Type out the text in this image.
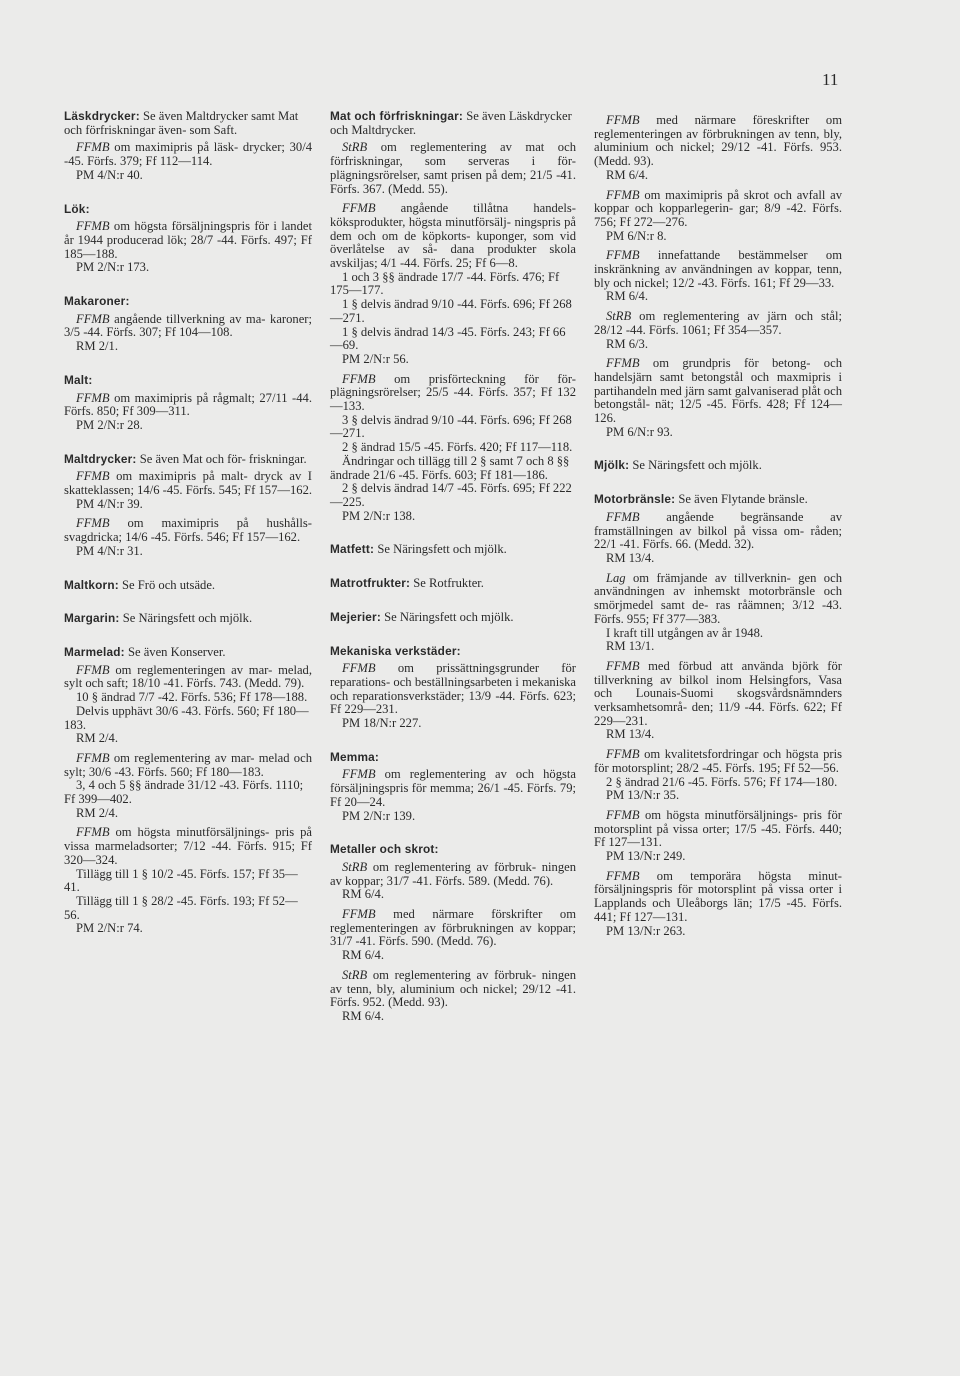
11
Läskdrycker: Se även Maltdrycker samt Mat och förfriskningar även- som Saft.
FFMB om maximipris på läsk- drycker; 30/4 -45. Förfs. 379; Ff 112—114.
PM 4/N:r 40.
Lök:
FFMB om högsta försäljningspris för i landet år 1944 producerad lök; 28/7 -44. Förfs. 497; Ff 185—188.
PM 2/N:r 173.
Makaroner:
FFMB angående tillverkning av ma- karoner; 3/5 -44. Förfs. 307; Ff 104—108.
RM 2/1.
Malt:
FFMB om maximipris på rågmalt; 27/11 -44. Förfs. 850; Ff 309—311.
PM 2/N:r 28.
Maltdrycker: Se även Mat och för- friskningar.
FFMB om maximipris på malt- dryck av I skatteklassen; 14/6 -45. Förfs. 545; Ff 157—162.
PM 4/N:r 39.
FFMB om maximipris på hushålls- svagdricka; 14/6 -45. Förfs. 546; Ff 157—162.
PM 4/N:r 31.
Maltkorn: Se Frö och utsäde.
Margarin: Se Näringsfett och mjölk.
Marmelad: Se även Konserver.
FFMB om reglementeringen av mar- melad, sylt och saft; 18/10 -41. Förfs. 743. (Medd. 79).
10 § ändrad 7/7 -42. Förfs. 536; Ff 178—188.
Delvis upphävt 30/6 -43. Förfs. 560; Ff 180—183.
RM 2/4.
FFMB om reglementering av mar- melad och sylt; 30/6 -43. Förfs. 560; Ff 180—183.
3, 4 och 5 §§ ändrade 31/12 -43. Förfs. 1110; Ff 399—402.
RM 2/4.
FFMB om högsta minutförsäljnings- pris på vissa marmeladsorter; 7/12 -44. Förfs. 915; Ff 320—324.
Tillägg till 1 § 10/2 -45. Förfs. 157; Ff 35—41.
Tillägg till 1 § 28/2 -45. Förfs. 193; Ff 52—56.
PM 2/N:r 74.
Mat och förfriskningar: Se även Läskdrycker och Maltdrycker.
StRB om reglementering av mat och förfriskningar, som serveras i för- plägningsrörelser, samt prisen på dem; 21/5 -41. Förfs. 367. (Medd. 55).
FFMB angående tillåtna handels- köksprodukter, högsta minutförsälj- ningspris på dem och om de köpkorts- kuponger, som vid överlåtelse av så- dana produkter skola avskiljas; 4/1 -44. Förfs. 25; Ff 6—8.
1 och 3 §§ ändrade 17/7 -44. Förfs. 476; Ff 175—177.
1 § delvis ändrad 9/10 -44. Förfs. 696; Ff 268—271.
1 § delvis ändrad 14/3 -45. Förfs. 243; Ff 66—69.
PM 2/N:r 56.
FFMB om prisförteckning för för- plägningsrörelser; 25/5 -44. Förfs. 357; Ff 132—133.
3 § delvis ändrad 9/10 -44. Förfs. 696; Ff 268—271.
2 § ändrad 15/5 -45. Förfs. 420; Ff 117—118.
Ändringar och tillägg till 2 § samt 7 och 8 §§ ändrade 21/6 -45. Förfs. 603; Ff 181—186.
2 § delvis ändrad 14/7 -45. Förfs. 695; Ff 222—225.
PM 2/N:r 138.
Matfett: Se Näringsfett och mjölk.
Matrotfrukter: Se Rotfrukter.
Mejerier: Se Näringsfett och mjölk.
Mekaniska verkstäder:
FFMB om prissättningsgrunder för reparations- och beställningsarbeten i mekaniska och reparationsverkstäder; 13/9 -44. Förfs. 623; Ff 229—231.
PM 18/N:r 227.
Memma:
FFMB om reglementering av och högsta försäljningspris för memma; 26/1 -45. Förfs. 79; Ff 20—24.
PM 2/N:r 139.
Metaller och skrot:
StRB om reglementering av förbruk- ningen av koppar; 31/7 -41. Förfs. 589. (Medd. 76).
RM 6/4.
FFMB med närmare förskrifter om reglementeringen av förbrukningen av koppar; 31/7 -41. Förfs. 590. (Medd. 76).
RM 6/4.
StRB om reglementering av förbruk- ningen av tenn, bly, aluminium och nickel; 29/12 -41. Förfs. 952. (Medd. 93).
RM 6/4.
FFMB med närmare föreskrifter om reglementeringen av förbrukningen av tenn, bly, aluminium och nickel; 29/12 -41. Förfs. 953. (Medd. 93).
RM 6/4.
FFMB om maximipris på skrot och avfall av koppar och kopparlegerin- gar; 8/9 -42. Förfs. 756; Ff 272—276.
PM 6/N:r 8.
FFMB innefattande bestämmelser om inskränkning av användningen av koppar, tenn, bly och nickel; 12/2 -43. Förfs. 161; Ff 29—33.
RM 6/4.
StRB om reglementering av järn och stål; 28/12 -44. Förfs. 1061; Ff 354—357.
RM 6/3.
FFMB om grundpris för betong- och handelsjärn samt betongstål och maxmipris i partihandeln med järn samt galvaniserad plåt och betongstål- nät; 12/5 -45. Förfs. 428; Ff 124—126.
PM 6/N:r 93.
Mjölk: Se Näringsfett och mjölk.
Motorbränsle: Se även Flytande bränsle.
FFMB angående begränsande av framställningen av bilkol på vissa om- råden; 22/1 -41. Förfs. 66. (Medd. 32).
RM 13/4.
Lag om främjande av tillverknin- gen och användningen av inhemskt motorbränsle och smörjmedel samt de- ras råämnen; 3/12 -43. Förfs. 955; Ff 377—383.
I kraft till utgången av år 1948.
RM 13/1.
FFMB med förbud att använda björk för tillverkning av bilkol inom Helsingfors, Vasa och Lounais-Suomi skogsvårdsnämnders verksamhetsområ- den; 11/9 -44. Förfs. 622; Ff 229—231.
RM 13/4.
FFMB om kvalitetsfordringar och högsta pris för motorsplint; 28/2 -45. Förfs. 195; Ff 52—56.
2 § ändrad 21/6 -45. Förfs. 576; Ff 174—180.
PM 13/N:r 35.
FFMB om högsta minutförsäljnings- pris för motorsplint på vissa orter; 17/5 -45. Förfs. 440; Ff 127—131.
PM 13/N:r 249.
FFMB om temporära högsta minut- försäljningspris för motorsplint på vissa orter i Lapplands och Uleåborgs län; 17/5 -45. Förfs. 441; Ff 127—131.
PM 13/N:r 263.
